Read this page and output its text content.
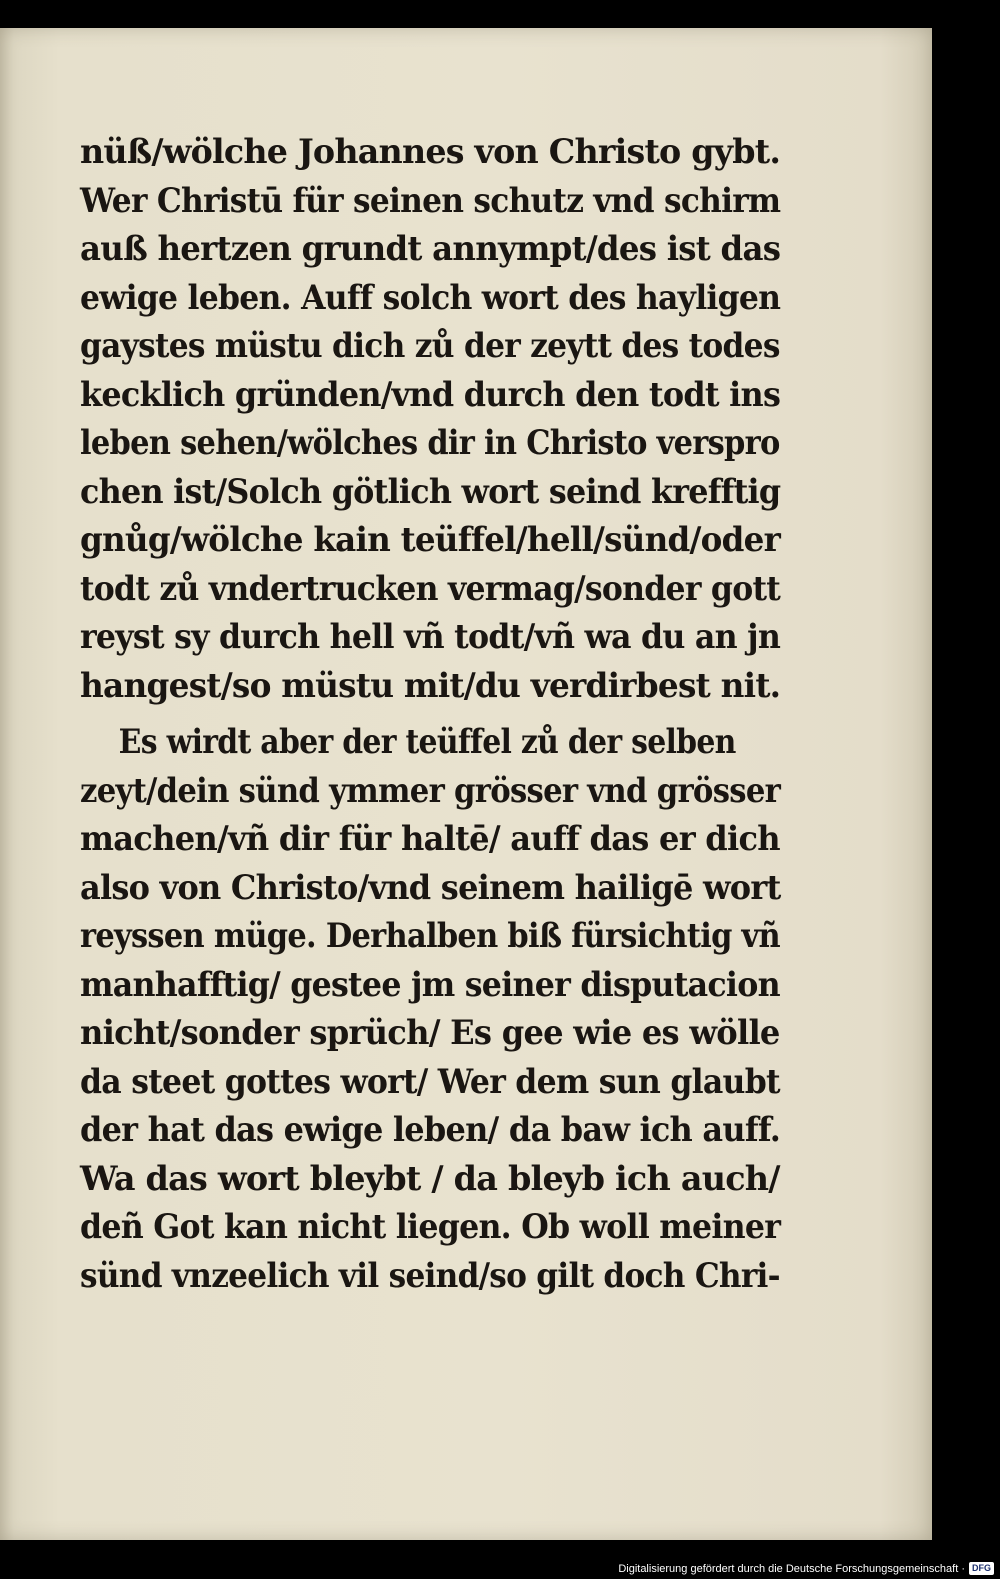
nüß/wölche Johannes von Christo gybt.
Wer Christū für seinen schutz vnd schirm
auß hertzen grundt annympt/des ist das
ewige leben. Auff solch wort des hayligen
gaystes müstu dich zů der zeytt des todes
kecklich gründen/vnd durch den todt ins
leben sehen/wölches dir in Christo verspro
chen ist/Solch götlich wort seind krefftig
gnůg/wölche kain teüffel/hell/sünd/oder
todt zů vndertrucken vermag/sonder gott
reyst sy durch hell vñ todt/vñ wa du an jn
hangest/so müstu mit/du verdirbest nit.
Es wirdt aber der teüffel zů der selben
zeyt/dein sünd ymmer grösser vnd grösser
machen/vñ dir für haltē/ auff das er dich
also von Christo/vnd seinem hailigē wort
reyssen müge. Derhalben biß fürsichtig vñ
manhafftig/ gestee jm seiner disputacion
nicht/sonder sprüch/ Es gee wie es wölle
da steet gottes wort/ Wer dem sun glaubt
der hat das ewige leben/ da baw ich auff.
Wa das wort bleybt / da bleyb ich auch/
deñ Got kan nicht liegen. Ob woll meiner
sünd vnzeelich vil seind/so gilt doch Chri-
Digitalisierung gefördert durch die Deutsche Forschungsgemeinschaft · DFG
